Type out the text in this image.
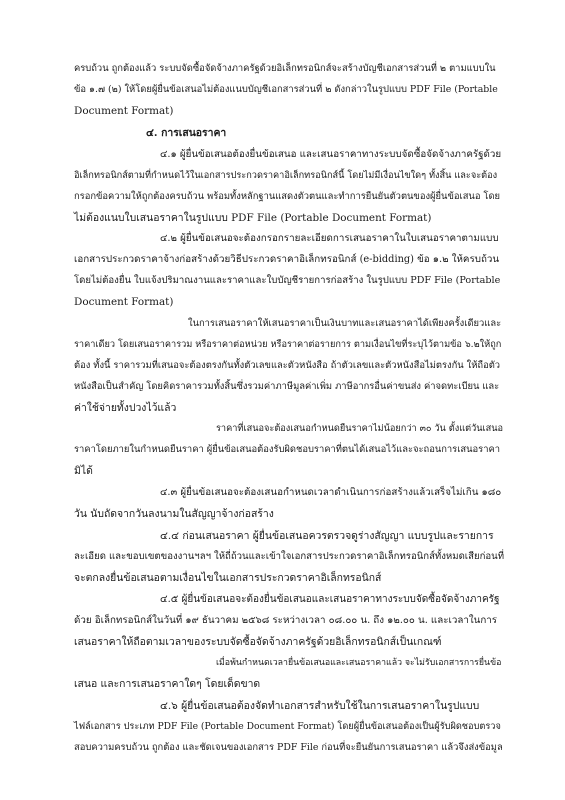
ครบถ้วน ถูกต้องแล้ว ระบบจัดซื้อจัดจ้างภาครัฐด้วยอิเล็กทรอนิกส์จะสร้างบัญชีเอกสารส่วนที่ ๒ ตามแบบใน
ข้อ ๑.๗ (๒) ให้โดยผู้ยื่นข้อเสนอไม่ต้องแนบบัญชีเอกสารส่วนที่ ๒ ดังกล่าวในรูปแบบ PDF File (Portable
Document Format)
๔. การเสนอราคา
๔.๑ ผู้ยื่นข้อเสนอต้องยื่นข้อเสนอ และเสนอราคาทางระบบจัดซื้อจัดจ้างภาครัฐด้วย
อิเล็กทรอนิกส์ตามที่กำหนดไว้ในเอกสารประกวดราคาอิเล็กทรอนิกส์นี้ โดยไม่มีเงื่อนไขใดๆ ทั้งสิ้น และจะต้อง
กรอกข้อความให้ถูกต้องครบถ้วน พร้อมทั้งหลักฐานแสดงตัวตนและทำการยืนยันตัวตนของผู้ยื่นข้อเสนอ โดย
ไม่ต้องแนบใบเสนอราคาในรูปแบบ PDF File (Portable Document Format)
๔.๒ ผู้ยื่นข้อเสนอจะต้องกรอกรายละเอียดการเสนอราคาในใบเสนอราคาตามแบบ
เอกสารประกวดราคาจ้างก่อสร้างด้วยวิธีประกวดราคาอิเล็กทรอนิกส์ (e-bidding) ข้อ ๑.๒ ให้ครบถ้วน
โดยไม่ต้องยื่น ใบแจ้งปริมาณงานและราคาและใบบัญชีรายการก่อสร้าง ในรูปแบบ PDF File (Portable
Document Format)
ในการเสนอราคาให้เสนอราคาเป็นเงินบาทและเสนอราคาได้เพียงครั้งเดียวและ
ราคาเดียว โดยเสนอราคารวม หรือราคาต่อหน่วย หรือราคาต่อรายการ ตามเงื่อนไขที่ระบุไว้ตามข้อ ๖.๒ให้ถูก
ต้อง ทั้งนี้ ราคารวมที่เสนอจะต้องตรงกันทั้งตัวเลขและตัวหนังสือ ถ้าตัวเลขและตัวหนังสือไม่ตรงกัน ให้ถือตัว
หนังสือเป็นสำคัญ โดยคิดราคารวมทั้งสิ้นซึ่งรวมค่าภาษีมูลค่าเพิ่ม ภาษีอากรอื่นค่าขนส่ง ค่าจดทะเบียน และ
ค่าใช้จ่ายทั้งปวงไว้แล้ว
ราคาที่เสนอจะต้องเสนอกำหนดยืนราคาไม่น้อยกว่า ๓๐ วัน ตั้งแต่วันเสนอ
ราคาโดยภายในกำหนดยืนราคา ผู้ยื่นข้อเสนอต้องรับผิดชอบราคาที่ตนได้เสนอไว้และจะถอนการเสนอราคา
มิได้
๔.๓ ผู้ยื่นข้อเสนอจะต้องเสนอกำหนดเวลาดำเนินการก่อสร้างแล้วเสร็จไม่เกิน ๑๘๐
วัน นับถัดจากวันลงนามในสัญญาจ้างก่อสร้าง
๔.๔ ก่อนเสนอราคา ผู้ยื่นข้อเสนอควรตรวจดูร่างสัญญา แบบรูปและรายการ
ละเอียด และขอบเขตของงานฯลฯ ให้ถี่ถ้วนและเข้าใจเอกสารประกวดราคาอิเล็กทรอนิกส์ทั้งหมดเสียก่อนที่
จะตกลงยื่นข้อเสนอตามเงื่อนไขในเอกสารประกวดราคาอิเล็กทรอนิกส์
๔.๕ ผู้ยื่นข้อเสนอจะต้องยื่นข้อเสนอและเสนอราคาทางระบบจัดซื้อจัดจ้างภาครัฐ
ด้วย อิเล็กทรอนิกส์ในวันที่ ๑๙ ธันวาคม ๒๕๖๘ ระหว่างเวลา ๐๘.๐๐ น. ถึง ๑๒.๐๐ น. และเวลาในการ
เสนอราคาให้ถือตามเวลาของระบบจัดซื้อจัดจ้างภาครัฐด้วยอิเล็กทรอนิกส์เป็นเกณฑ์
เมื่อพ้นกำหนดเวลายื่นข้อเสนอและเสนอราคาแล้ว จะไม่รับเอกสารการยื่นข้อ
เสนอ และการเสนอราคาใดๆ โดยเด็ดขาด
๔.๖ ผู้ยื่นข้อเสนอต้องจัดทำเอกสารสำหรับใช้ในการเสนอราคาในรูปแบบ
ไฟล์เอกสาร ประเภท PDF File (Portable Document Format) โดยผู้ยื่นข้อเสนอต้องเป็นผู้รับผิดชอบตรวจ
สอบความครบถ้วน ถูกต้อง และชัดเจนของเอกสาร PDF File ก่อนที่จะยืนยันการเสนอราคา แล้วจึงส่งข้อมูล
